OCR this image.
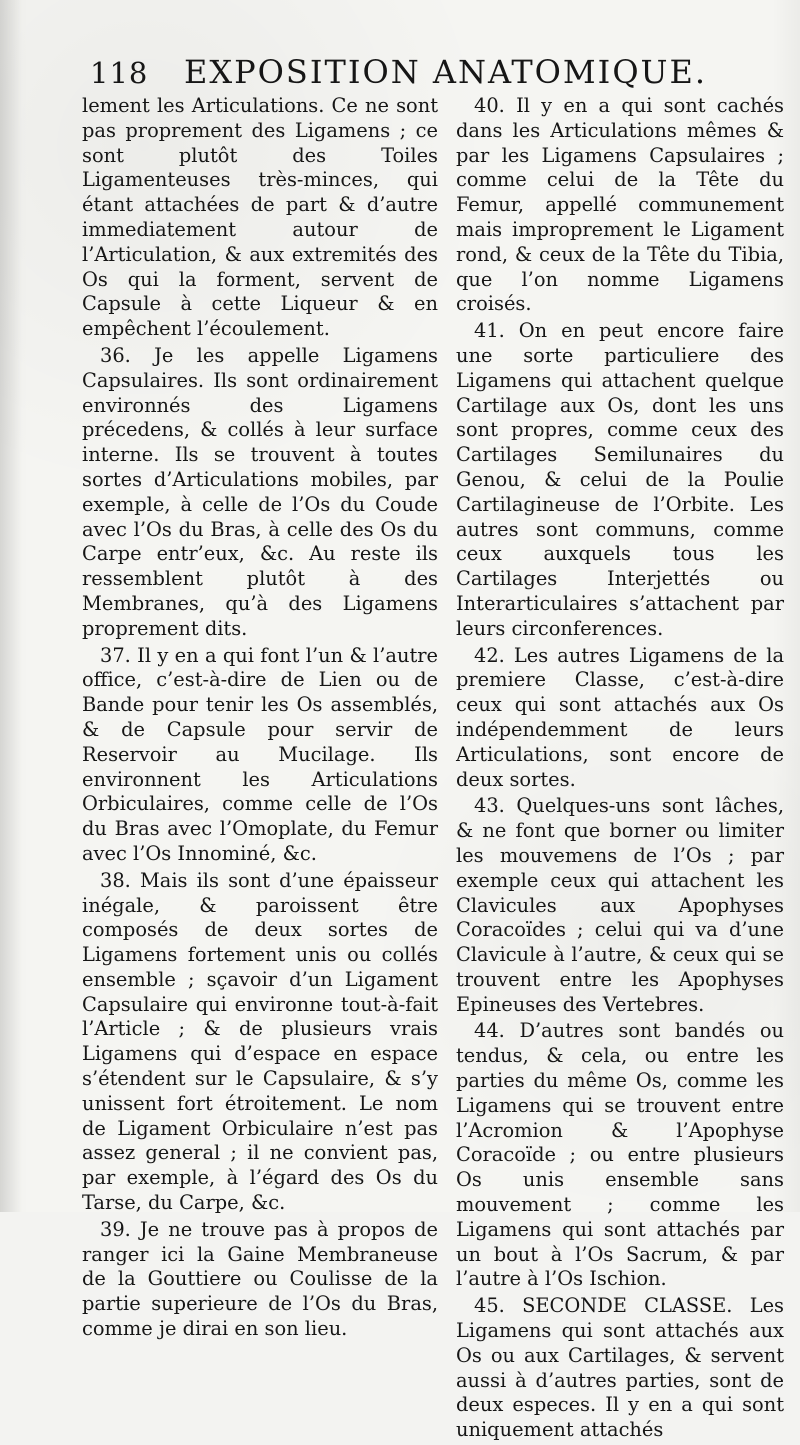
118	EXPOSITION ANATOMIQUE.

lement les Articulations. Ce ne sont pas proprement des Ligamens ; ce sont plutôt des Toiles Ligamenteuses très-minces, qui étant attachées de part & d’autre immediatement autour de l’Articulation, & aux extremités des Os qui la forment, servent de Capsule à cette Liqueur & en empêchent l’écoulement.

36. Je les appelle Ligamens Capsulaires. Ils sont ordinairement environnés des Ligamens précedens, & collés à leur surface interne. Ils se trouvent à toutes sortes d’Articulations mobiles, par exemple, à celle de l’Os du Coude avec l’Os du Bras, à celle des Os du Carpe entr’eux, &c. Au reste ils ressemblent plutôt à des Membranes, qu’à des Ligamens proprement dits.

37. Il y en a qui font l’un & l’autre office, c’est-à-dire de Lien ou de Bande pour tenir les Os assemblés, & de Capsule pour servir de Reservoir au Mucilage. Ils environnent les Articulations Orbiculaires, comme celle de l’Os du Bras avec l’Omoplate, du Femur avec l’Os Innominé, &c.

38. Mais ils sont d’une épaisseur inégale, & paroissent être composés de deux sortes de Ligamens fortement unis ou collés ensemble ; sçavoir d’un Ligament Capsulaire qui environne tout-à-fait l’Article ; & de plusieurs vrais Ligamens qui d’espace en espace s’étendent sur le Capsulaire, & s’y unissent fort étroitement. Le nom de Ligament Orbiculaire n’est pas assez general ; il ne convient pas, par exemple, à l’égard des Os du Tarse, du Carpe, &c.

39. Je ne trouve pas à propos de ranger ici la Gaine Membraneuse de la Gouttiere ou Coulisse de la partie superieure de l’Os du Bras, comme je dirai en son lieu.

40. Il y en a qui sont cachés dans les Articulations mêmes & par les Ligamens Capsulaires ; comme celui de la Tête du Femur, appellé communement mais improprement le Ligament rond, & ceux de la Tête du Tibia, que l’on nomme Ligamens croisés.

41. On en peut encore faire une sorte particuliere des Ligamens qui attachent quelque Cartilage aux Os, dont les uns sont propres, comme ceux des Cartilages Semilunaires du Genou, & celui de la Poulie Cartilagineuse de l’Orbite. Les autres sont communs, comme ceux auxquels tous les Cartilages Interjettés ou Interarticulaires s’attachent par leurs circonferences.

42. Les autres Ligamens de la premiere Classe, c’est-à-dire ceux qui sont attachés aux Os indépendemment de leurs Articulations, sont encore de deux sortes.

43. Quelques-uns sont lâches, & ne font que borner ou limiter les mouvemens de l’Os ; par exemple ceux qui attachent les Clavicules aux Apophyses Coracoïdes ; celui qui va d’une Clavicule à l’autre, & ceux qui se trouvent entre les Apophyses Epineuses des Vertebres.

44. D’autres sont bandés ou tendus, & cela, ou entre les parties du même Os, comme les Ligamens qui se trouvent entre l’Acromion & l’Apophyse Coracoïde ; ou entre plusieurs Os unis ensemble sans mouvement ; comme les Ligamens qui sont attachés par un bout à l’Os Sacrum, & par l’autre à l’Os Ischion.

45. SECONDE CLASSE. Les Ligamens qui sont attachés aux Os ou aux Cartilages, & servent aussi à d’autres parties, sont de deux especes. Il y en a qui sont uniquement attachés
